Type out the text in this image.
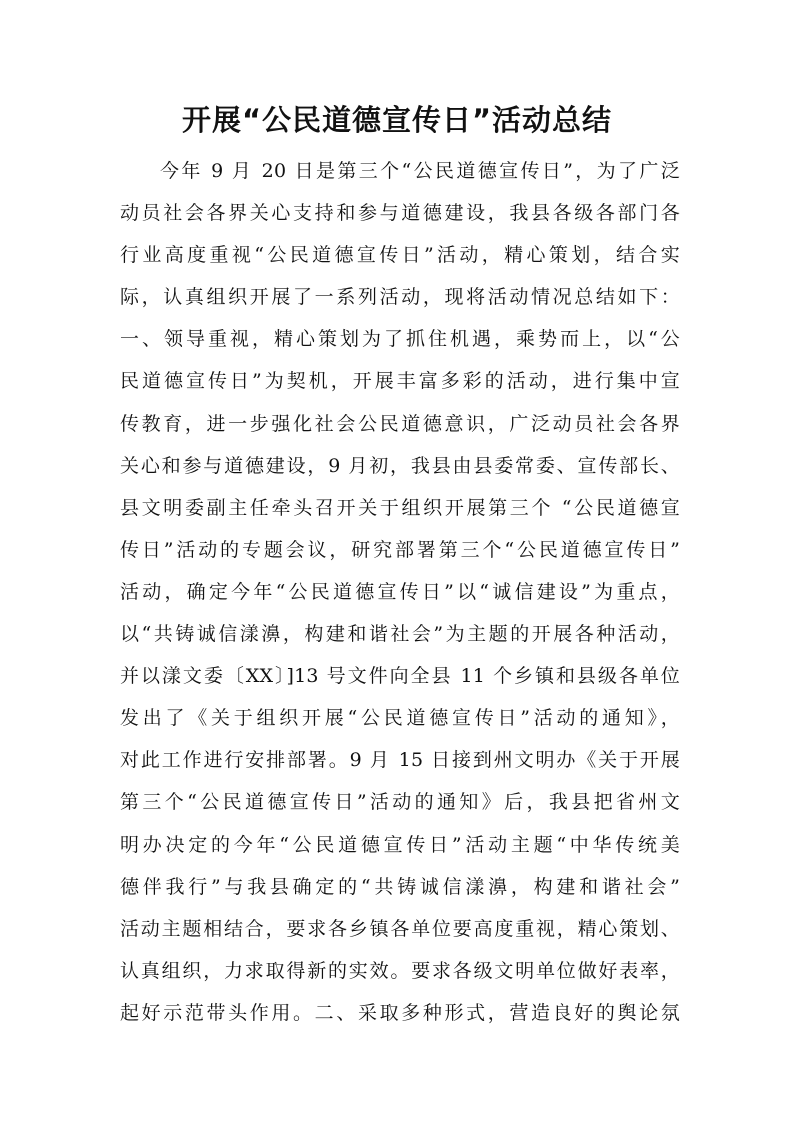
开展“公民道德宣传日”活动总结
今年 9 月 20 日是第三个“公民道德宣传日”，为了广泛
动员社会各界关心支持和参与道德建设，我县各级各部门各
行业高度重视“公民道德宣传日”活动，精心策划，结合实
际，认真组织开展了一系列活动，现将活动情况总结如下：
一、领导重视，精心策划为了抓住机遇，乘势而上，以“公
民道德宣传日”为契机，开展丰富多彩的活动，进行集中宣
传教育，进一步强化社会公民道德意识，广泛动员社会各界
关心和参与道德建设，9 月初，我县由县委常委、宣传部长、
县文明委副主任牵头召开关于组织开展第三个 “公民道德宣
传日”活动的专题会议，研究部署第三个“公民道德宣传日”
活动，确定今年“公民道德宣传日”以“诚信建设”为重点，
以“共铸诚信漾濞，构建和谐社会”为主题的开展各种活动，
并以漾文委〔XX〕]13 号文件向全县 11 个乡镇和县级各单位
发出了《关于组织开展“公民道德宣传日”活动的通知》，
对此工作进行安排部署。9 月 15 日接到州文明办《关于开展
第三个“公民道德宣传日”活动的通知》后，我县把省州文
明办决定的今年“公民道德宣传日”活动主题“中华传统美
德伴我行”与我县确定的“共铸诚信漾濞，构建和谐社会”
活动主题相结合，要求各乡镇各单位要高度重视，精心策划、
认真组织，力求取得新的实效。要求各级文明单位做好表率，
起好示范带头作用。二、采取多种形式，营造良好的舆论氛
